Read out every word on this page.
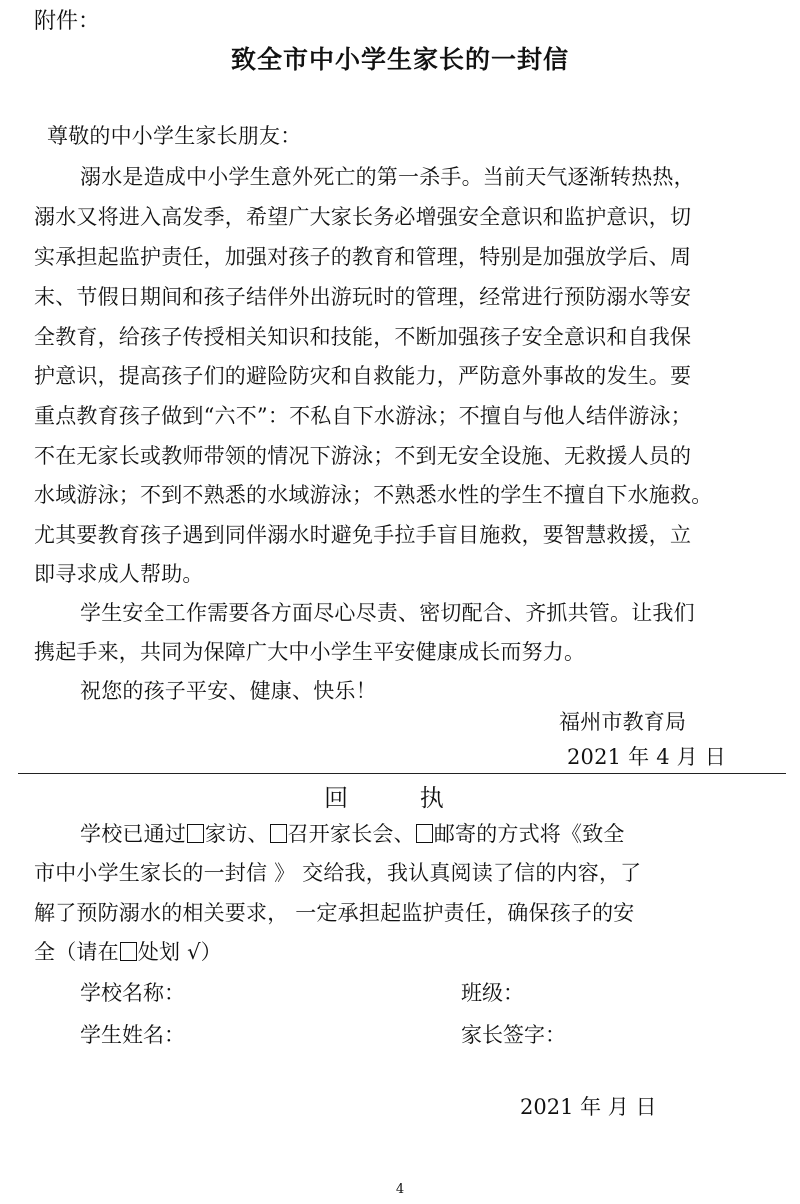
附件：
致全市中小学生家长的一封信
尊敬的中小学生家长朋友：
溺水是造成中小学生意外死亡的第一杀手。当前天气逐渐转热热，
溺水又将进入高发季，希望广大家长务必增强安全意识和监护意识，切
实承担起监护责任，加强对孩子的教育和管理，特别是加强放学后、周
末、节假日期间和孩子结伴外出游玩时的管理，经常进行预防溺水等安
全教育，给孩子传授相关知识和技能，不断加强孩子安全意识和自我保
护意识，提高孩子们的避险防灾和自救能力，严防意外事故的发生。要
重点教育孩子做到“六不”：不私自下水游泳；不擅自与他人结伴游泳；
不在无家长或教师带领的情况下游泳；不到无安全设施、无救援人员的
水域游泳；不到不熟悉的水域游泳；不熟悉水性的学生不擅自下水施救。
尤其要教育孩子遇到同伴溺水时避免手拉手盲目施救，要智慧救援，立
即寻求成人帮助。
学生安全工作需要各方面尽心尽责、密切配合、齐抓共管。让我们
携起手来，共同为保障广大中小学生平安健康成长而努力。
祝您的孩子平安、健康、快乐！
福州市教育局
2021 年 4 月 日
回 执
学校已通过 家访、 召开家长会、 邮寄的方式将《致全
市中小学生家长的一封信 》 交给我，我认真阅读了信的内容，了
解了预防溺水的相关要求， 一定承担起监护责任，确保孩子的安
全（请在 处划 √）
学校名称：	班级：
学生姓名：	家长签字：
2021 年 月 日
4
